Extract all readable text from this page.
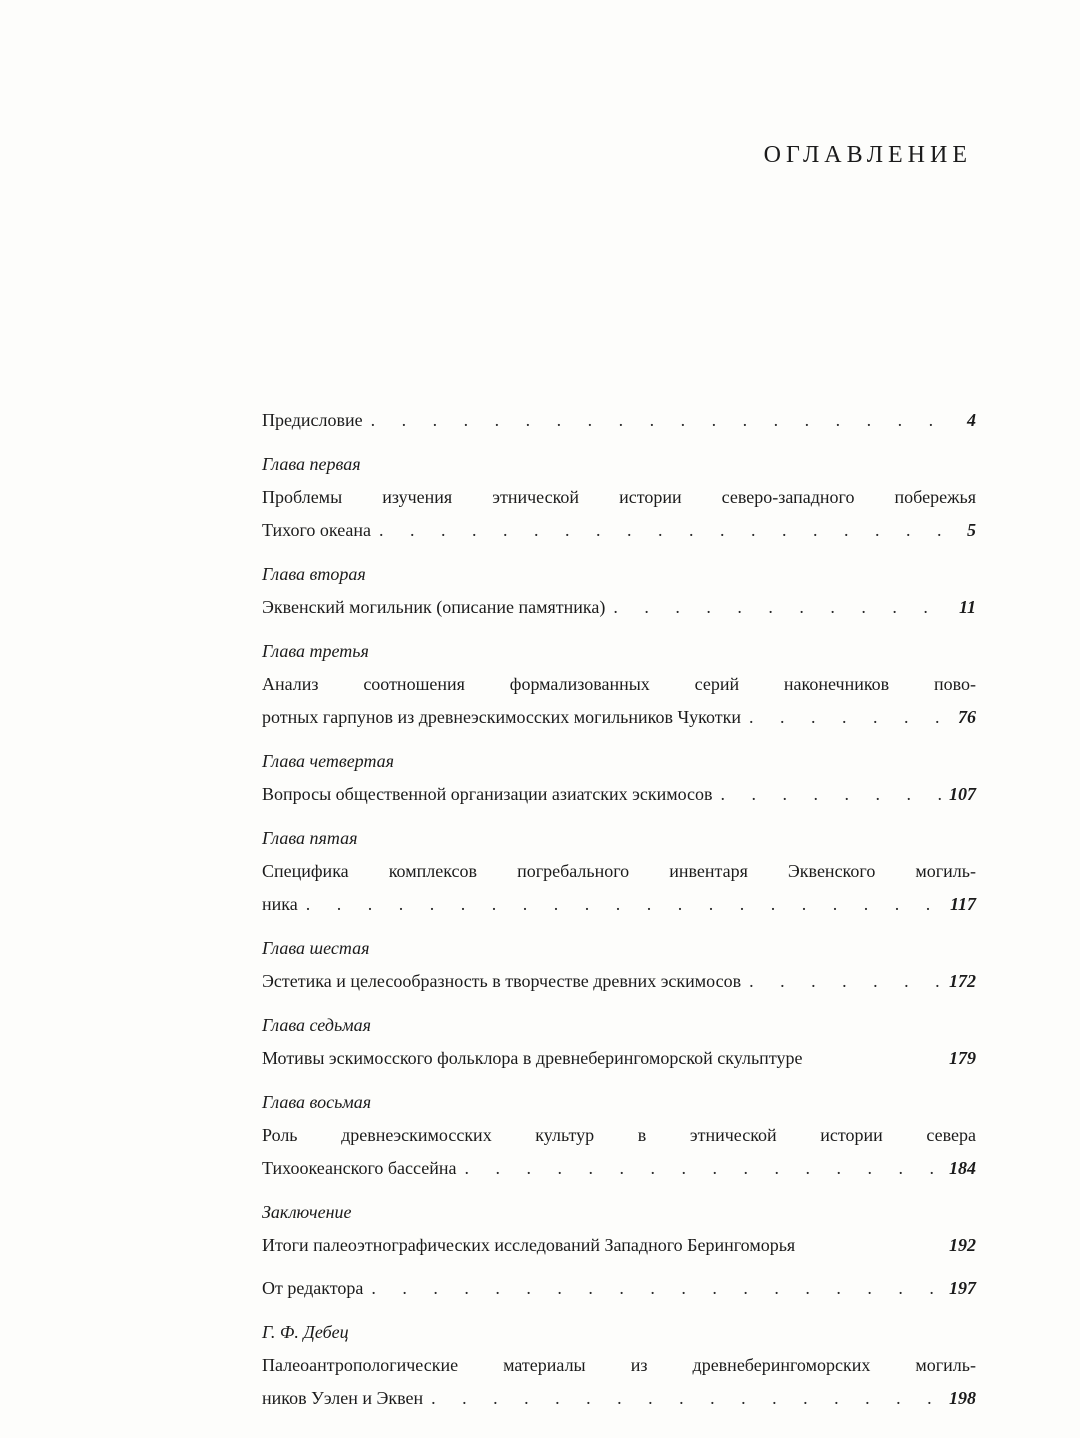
ОГЛАВЛЕНИЕ
Предисловие . . .	4
Глава первая
Проблемы изучения этнической истории северо-западного побережья
Тихого океана . . .	5
Глава вторая
Эквенский могильник (описание памятника) . . .	11
Глава третья
Анализ соотношения формализованных серий наконечников пово-
ротных гарпунов из древнеэскимосских могильников Чукотки . . .	76
Глава четвертая
Вопросы общественной организации азиатских эскимосов . . .	107
Глава пятая
Специфика комплексов погребального инвентаря Эквенского могиль-
ника . . .	117
Глава шестая
Эстетика и целесообразность в творчестве древних эскимосов . . .	172
Глава седьмая
Мотивы эскимосского фольклора в древнеберингоморской скульптуре	179
Глава восьмая
Роль древнеэскимосских культур в этнической истории севера
Тихоокеанского бассейна . . .	184
Заключение
Итоги палеоэтнографических исследований Западного Берингоморья	192
От редактора . . .	197
Г. Ф. Дебец
Палеоантропологические материалы из древнеберингоморских могиль-
ников Уэлен и Эквен . . .	198
